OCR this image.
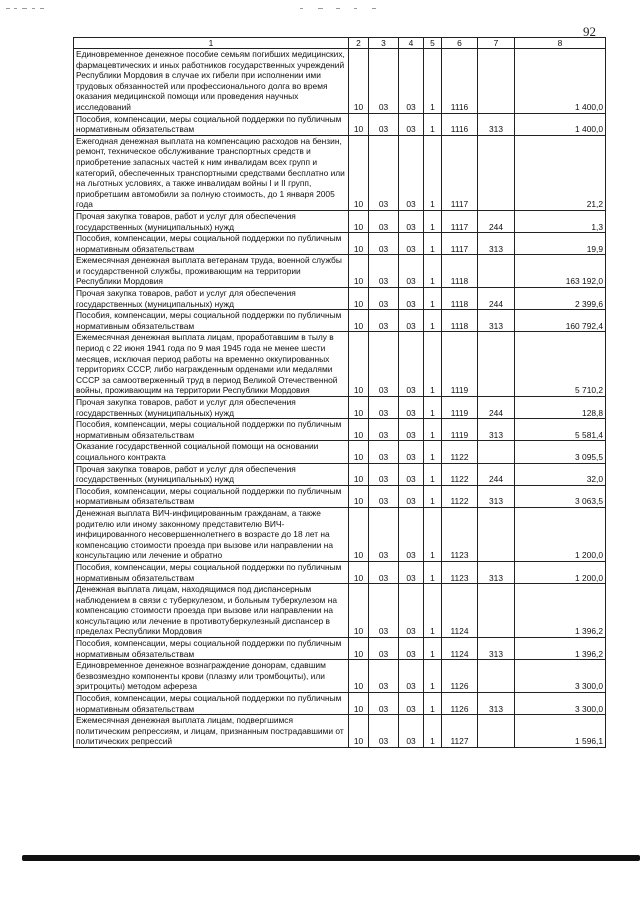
92
1	2	3	4	5	6	7	8
Единовременное денежное пособие семьям погибших медицинских, фармацевтических и иных работников государственных учреждений Республики Мордовия в случае их гибели при исполнении ими трудовых обязанностей или профессионального долга во время оказания медицинской помощи или проведения научных исследований	10	03	03	1	1116		1 400,0
Пособия, компенсации, меры социальной поддержки по публичным нормативным обязательствам	10	03	03	1	1116	313	1 400,0
Ежегодная денежная выплата на компенсацию расходов на бензин, ремонт, техническое обслуживание транспортных средств и приобретение запасных частей к ним инвалидам всех групп и категорий, обеспеченных транспортными средствами бесплатно или на льготных условиях, а также инвалидам войны I и II групп, приобретшим автомобили за полную стоимость, до 1 января 2005 года	10	03	03	1	1117		21,2
Прочая закупка товаров, работ и услуг для обеспечения государственных (муниципальных) нужд	10	03	03	1	1117	244	1,3
Пособия, компенсации, меры социальной поддержки по публичным нормативным обязательствам	10	03	03	1	1117	313	19,9
Ежемесячная денежная выплата ветеранам труда, военной службы и государственной службы, проживающим на территории Республики Мордовия	10	03	03	1	1118		163 192,0
Прочая закупка товаров, работ и услуг для обеспечения государственных (муниципальных) нужд	10	03	03	1	1118	244	2 399,6
Пособия, компенсации, меры социальной поддержки по публичным нормативным обязательствам	10	03	03	1	1118	313	160 792,4
Ежемесячная денежная выплата лицам, проработавшим в тылу в период с 22 июня 1941 года по 9 мая 1945 года не менее шести месяцев, исключая период работы на временно оккупированных территориях СССР, либо награжденным орденами или медалями СССР за самоотверженный труд в период Великой Отечественной войны, проживающим на территории Республики Мордовия	10	03	03	1	1119		5 710,2
Прочая закупка товаров, работ и услуг для обеспечения государственных (муниципальных) нужд	10	03	03	1	1119	244	128,8
Пособия, компенсации, меры социальной поддержки по публичным нормативным обязательствам	10	03	03	1	1119	313	5 581,4
Оказание государственной социальной помощи на основании социального контракта	10	03	03	1	1122		3 095,5
Прочая закупка товаров, работ и услуг для обеспечения государственных (муниципальных) нужд	10	03	03	1	1122	244	32,0
Пособия, компенсации, меры социальной поддержки по публичным нормативным обязательствам	10	03	03	1	1122	313	3 063,5
Денежная выплата ВИЧ-инфицированным гражданам, а также родителю или иному законному представителю ВИЧ-инфицированного несовершеннолетнего в возрасте до 18 лет на компенсацию стоимости проезда при вызове или направлении на консультацию или лечение и обратно	10	03	03	1	1123		1 200,0
Пособия, компенсации, меры социальной поддержки по публичным нормативным обязательствам	10	03	03	1	1123	313	1 200,0
Денежная выплата лицам, находящимся под диспансерным наблюдением в связи с туберкулезом, и больным туберкулезом на компенсацию стоимости проезда при вызове или направлении на консультацию или лечение в противотуберкулезный диспансер в пределах Республики Мордовия	10	03	03	1	1124		1 396,2
Пособия, компенсации, меры социальной поддержки по публичным нормативным обязательствам	10	03	03	1	1124	313	1 396,2
Единовременное денежное вознаграждение донорам, сдавшим безвозмездно компоненты крови (плазму или тромбоциты), или эритроциты) методом афереза	10	03	03	1	1126		3 300,0
Пособия, компенсации, меры социальной поддержки по публичным нормативным обязательствам	10	03	03	1	1126	313	3 300,0
Ежемесячная денежная выплата лицам, подвергшимся политическим репрессиям, и лицам, признанным пострадавшими от политических репрессий	10	03	03	1	1127		1 596,1
